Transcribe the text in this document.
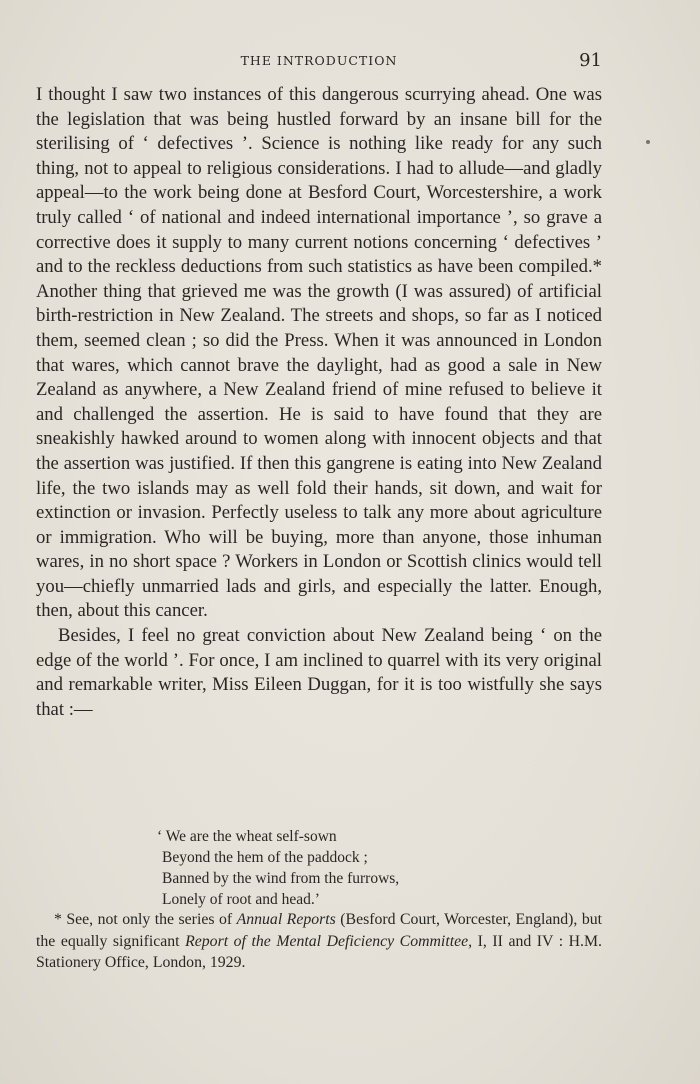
THE INTRODUCTION	91

I thought I saw two instances of this dangerous scurrying ahead. One was the legislation that was being hustled forward by an insane bill for the sterilising of ‘ defectives ’. Science is nothing like ready for any such thing, not to appeal to religious considerations. I had to allude—and gladly appeal—to the work being done at Besford Court, Worcestershire, a work truly called ‘ of national and indeed international importance ’, so grave a corrective does it supply to many current notions concerning ‘ defectives ’ and to the reckless deductions from such statistics as have been compiled.* Another thing that grieved me was the growth (I was assured) of artificial birth-restriction in New Zealand. The streets and shops, so far as I noticed them, seemed clean ; so did the Press. When it was announced in London that wares, which cannot brave the daylight, had as good a sale in New Zealand as anywhere, a New Zealand friend of mine refused to believe it and challenged the assertion. He is said to have found that they are sneakishly hawked around to women along with innocent objects and that the assertion was justified. If then this gangrene is eating into New Zealand life, the two islands may as well fold their hands, sit down, and wait for extinction or invasion. Perfectly useless to talk any more about agriculture or immigration. Who will be buying, more than anyone, those inhuman wares, in no short space ? Workers in London or Scottish clinics would tell you—chiefly unmarried lads and girls, and especially the latter. Enough, then, about this cancer.

Besides, I feel no great conviction about New Zealand being ‘ on the edge of the world ’. For once, I am inclined to quarrel with its very original and remarkable writer, Miss Eileen Duggan, for it is too wistfully she says that :—

‘ We are the wheat self-sown
Beyond the hem of the paddock ;
Banned by the wind from the furrows,
Lonely of root and head.’
* See, not only the series of Annual Reports (Besford Court, Worcester, England), but the equally significant Report of the Mental Deficiency Committee, I, II and IV : H.M. Stationery Office, London, 1929.
